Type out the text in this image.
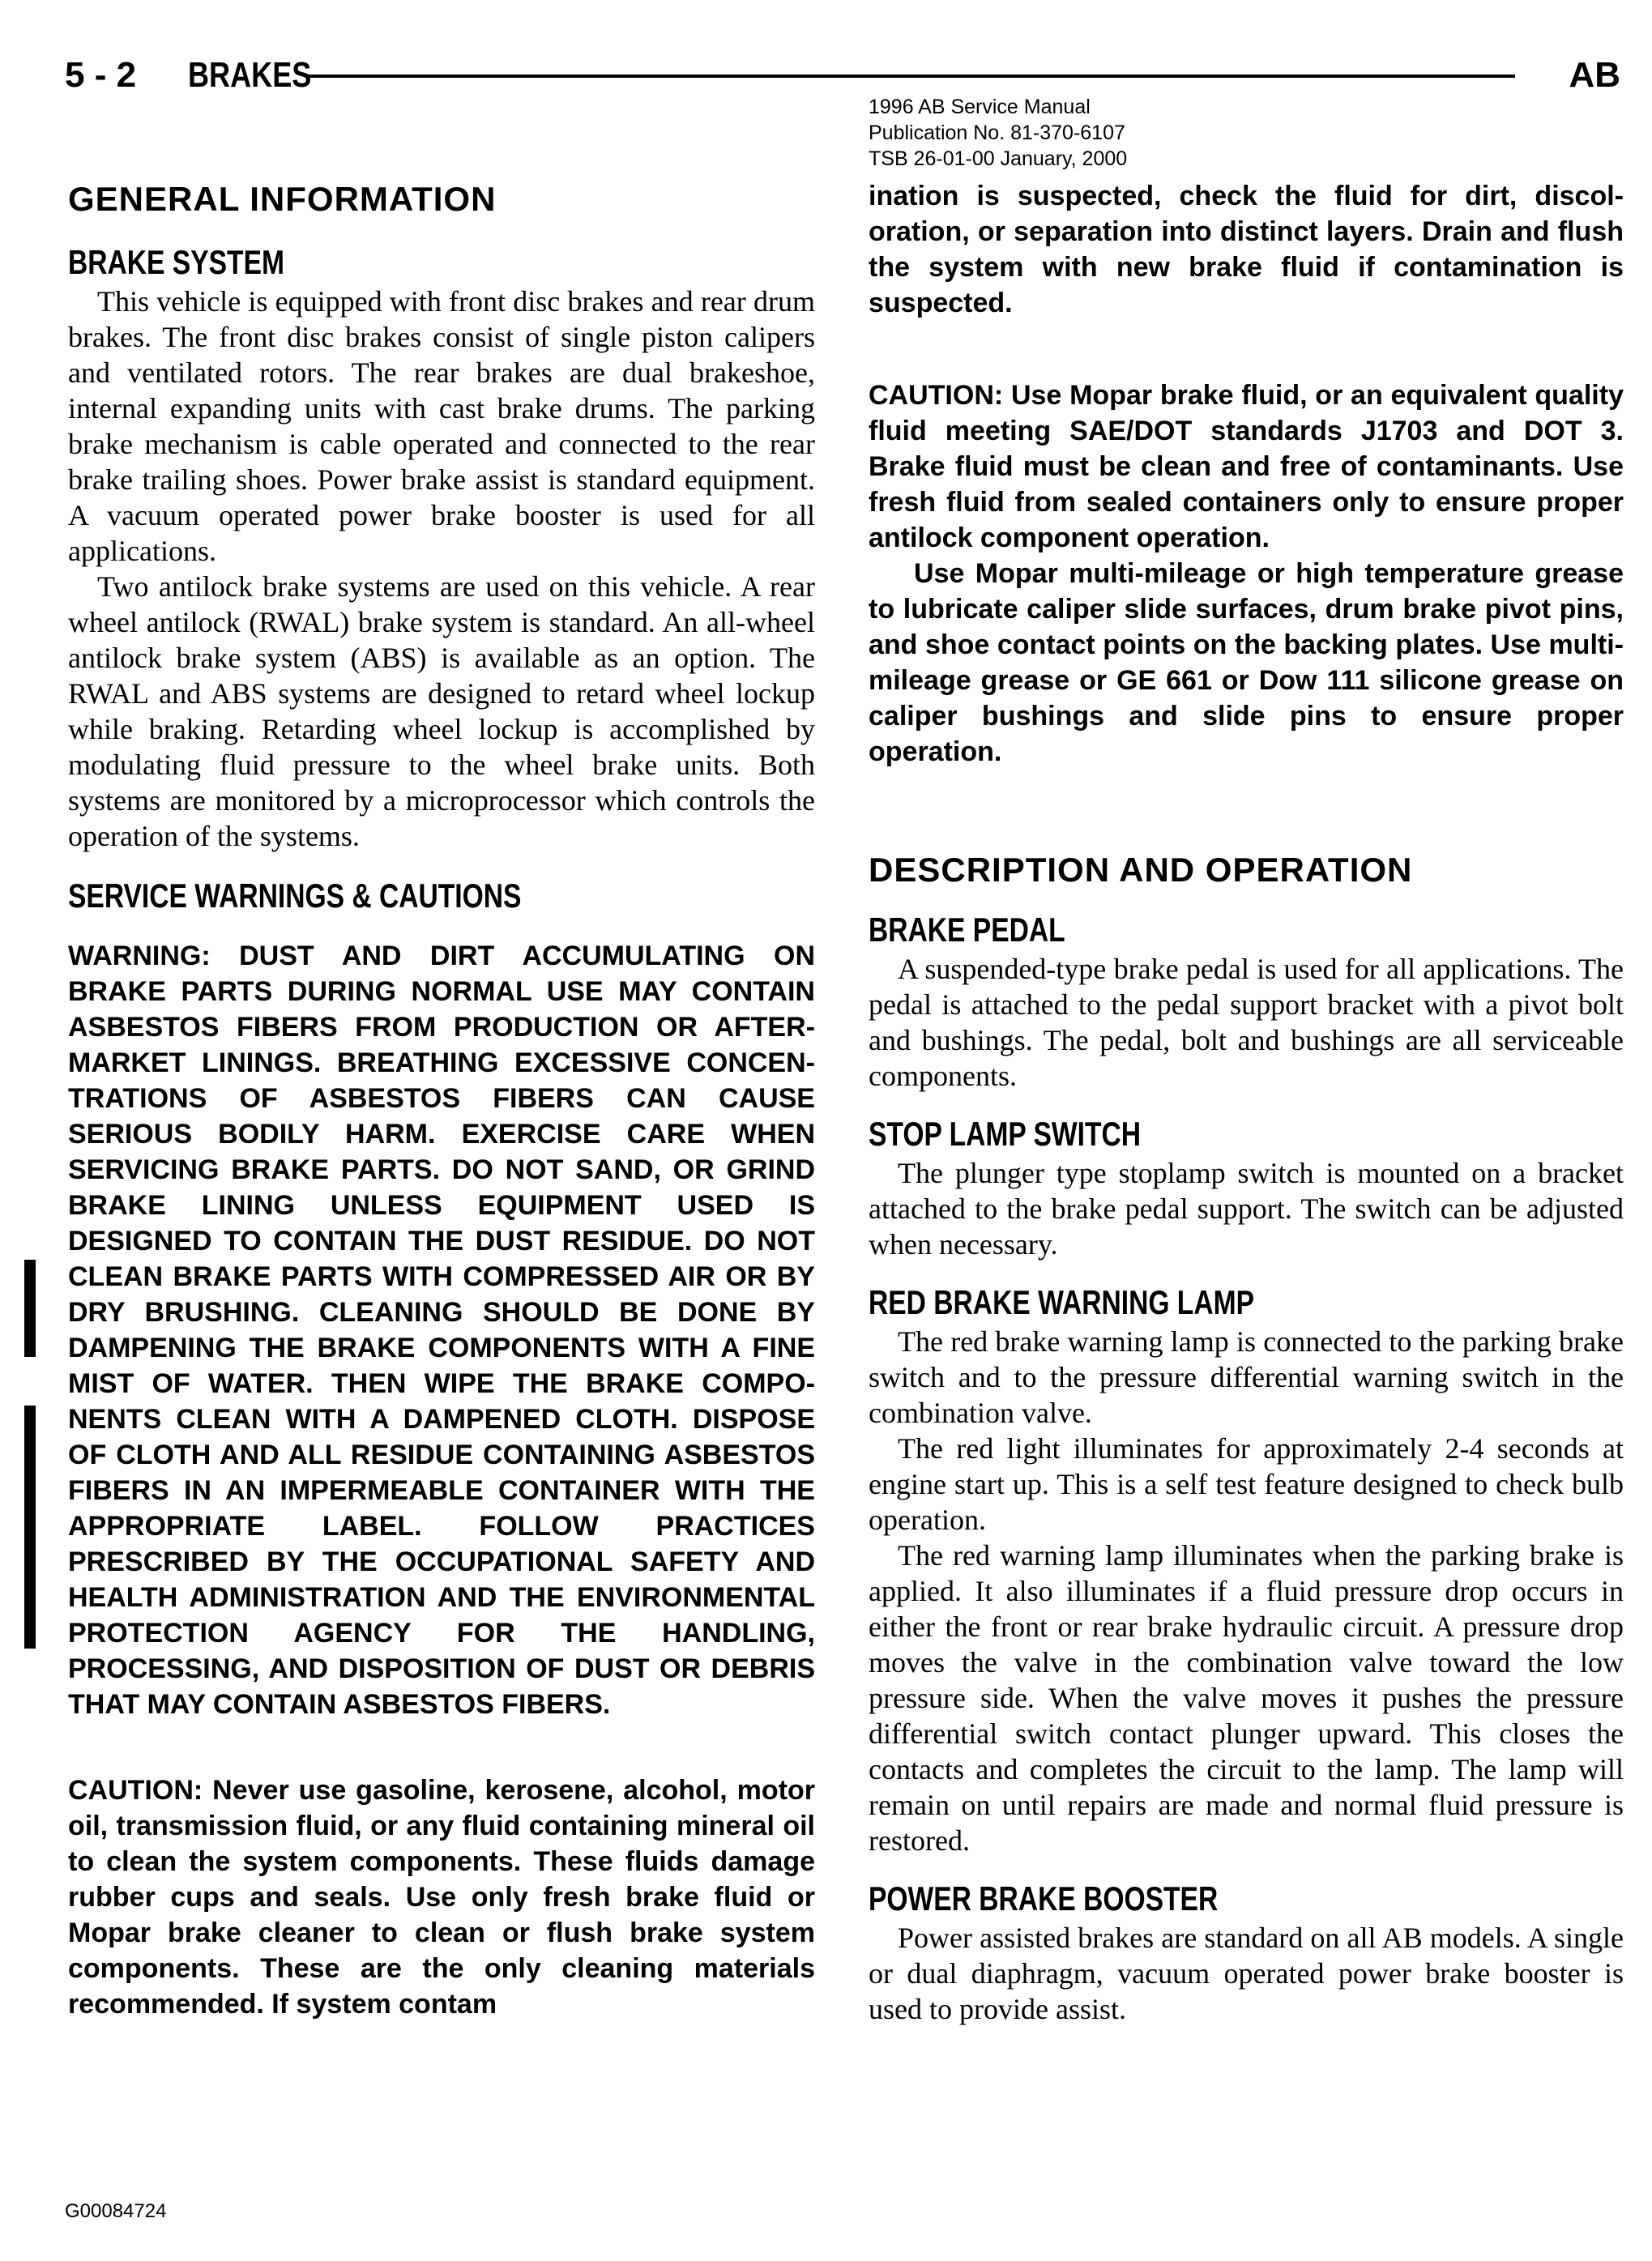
5 - 2 BRAKES	AB
1996 AB Service Manual
Publication No. 81-370-6107
TSB 26-01-00 January, 2000
GENERAL INFORMATION
BRAKE SYSTEM

This vehicle is equipped with front disc brakes and rear drum brakes. The front disc brakes consist of single piston calipers and ventilated rotors. The rear brakes are dual brakeshoe, internal expanding units with cast brake drums. The parking brake mechanism is cable operated and connected to the rear brake trailing shoes. Power brake assist is standard equipment. A vacuum operated power brake booster is used for all applications.

Two antilock brake systems are used on this vehicle. A rear wheel antilock (RWAL) brake system is standard. An all-wheel antilock brake system (ABS) is available as an option. The RWAL and ABS systems are designed to retard wheel lockup while braking. Retarding wheel lockup is accomplished by modulating fluid pressure to the wheel brake units. Both systems are monitored by a microprocessor which controls the operation of the systems.

SERVICE WARNINGS & CAUTIONS

WARNING: DUST AND DIRT ACCUMULATING ON BRAKE PARTS DURING NORMAL USE MAY CONTAIN ASBESTOS FIBERS FROM PRODUCTION OR AFTERMARKET LININGS. BREATHING EXCESSIVE CONCENTRATIONS OF ASBESTOS FIBERS CAN CAUSE SERIOUS BODILY HARM. EXERCISE CARE WHEN SERVICING BRAKE PARTS. DO NOT SAND, OR GRIND BRAKE LINING UNLESS EQUIPMENT USED IS DESIGNED TO CONTAIN THE DUST RESIDUE. DO NOT CLEAN BRAKE PARTS WITH COMPRESSED AIR OR BY DRY BRUSHING. CLEANING SHOULD BE DONE BY DAMPENING THE BRAKE COMPONENTS WITH A FINE MIST OF WATER. THEN WIPE THE BRAKE COMPONENTS CLEAN WITH A DAMPENED CLOTH. DISPOSE OF CLOTH AND ALL RESIDUE CONTAINING ASBESTOS FIBERS IN AN IMPERMEABLE CONTAINER WITH THE APPROPRIATE LABEL. FOLLOW PRACTICES PRESCRIBED BY THE OCCUPATIONAL SAFETY AND HEALTH ADMINISTRATION AND THE ENVIRONMENTAL PROTECTION AGENCY FOR THE HANDLING, PROCESSING, AND DISPOSITION OF DUST OR DEBRIS THAT MAY CONTAIN ASBESTOS FIBERS.

CAUTION: Never use gasoline, kerosene, alcohol, motor oil, transmission fluid, or any fluid containing mineral oil to clean the system components. These fluids damage rubber cups and seals. Use only fresh brake fluid or Mopar brake cleaner to clean or flush brake system components. These are the only cleaning materials recommended. If system contam

ination is suspected, check the fluid for dirt, discoloration, or separation into distinct layers. Drain and flush the system with new brake fluid if contamination is suspected.

CAUTION: Use Mopar brake fluid, or an equivalent quality fluid meeting SAE/DOT standards J1703 and DOT 3. Brake fluid must be clean and free of contaminants. Use fresh fluid from sealed containers only to ensure proper antilock component operation.

Use Mopar multi-mileage or high temperature grease to lubricate caliper slide surfaces, drum brake pivot pins, and shoe contact points on the backing plates. Use multi-mileage grease or GE 661 or Dow 111 silicone grease on caliper bushings and slide pins to ensure proper operation.

DESCRIPTION AND OPERATION
BRAKE PEDAL

A suspended-type brake pedal is used for all applications. The pedal is attached to the pedal support bracket with a pivot bolt and bushings. The pedal, bolt and bushings are all serviceable components.

STOP LAMP SWITCH

The plunger type stoplamp switch is mounted on a bracket attached to the brake pedal support. The switch can be adjusted when necessary.

RED BRAKE WARNING LAMP

The red brake warning lamp is connected to the parking brake switch and to the pressure differential warning switch in the combination valve.

The red light illuminates for approximately 2-4 seconds at engine start up. This is a self test feature designed to check bulb operation.

The red warning lamp illuminates when the parking brake is applied. It also illuminates if a fluid pressure drop occurs in either the front or rear brake hydraulic circuit. A pressure drop moves the valve in the combination valve toward the low pressure side. When the valve moves it pushes the pressure differential switch contact plunger upward. This closes the contacts and completes the circuit to the lamp. The lamp will remain on until repairs are made and normal fluid pressure is restored.

POWER BRAKE BOOSTER

Power assisted brakes are standard on all AB models. A single or dual diaphragm, vacuum operated power brake booster is used to provide assist.

G00084724
